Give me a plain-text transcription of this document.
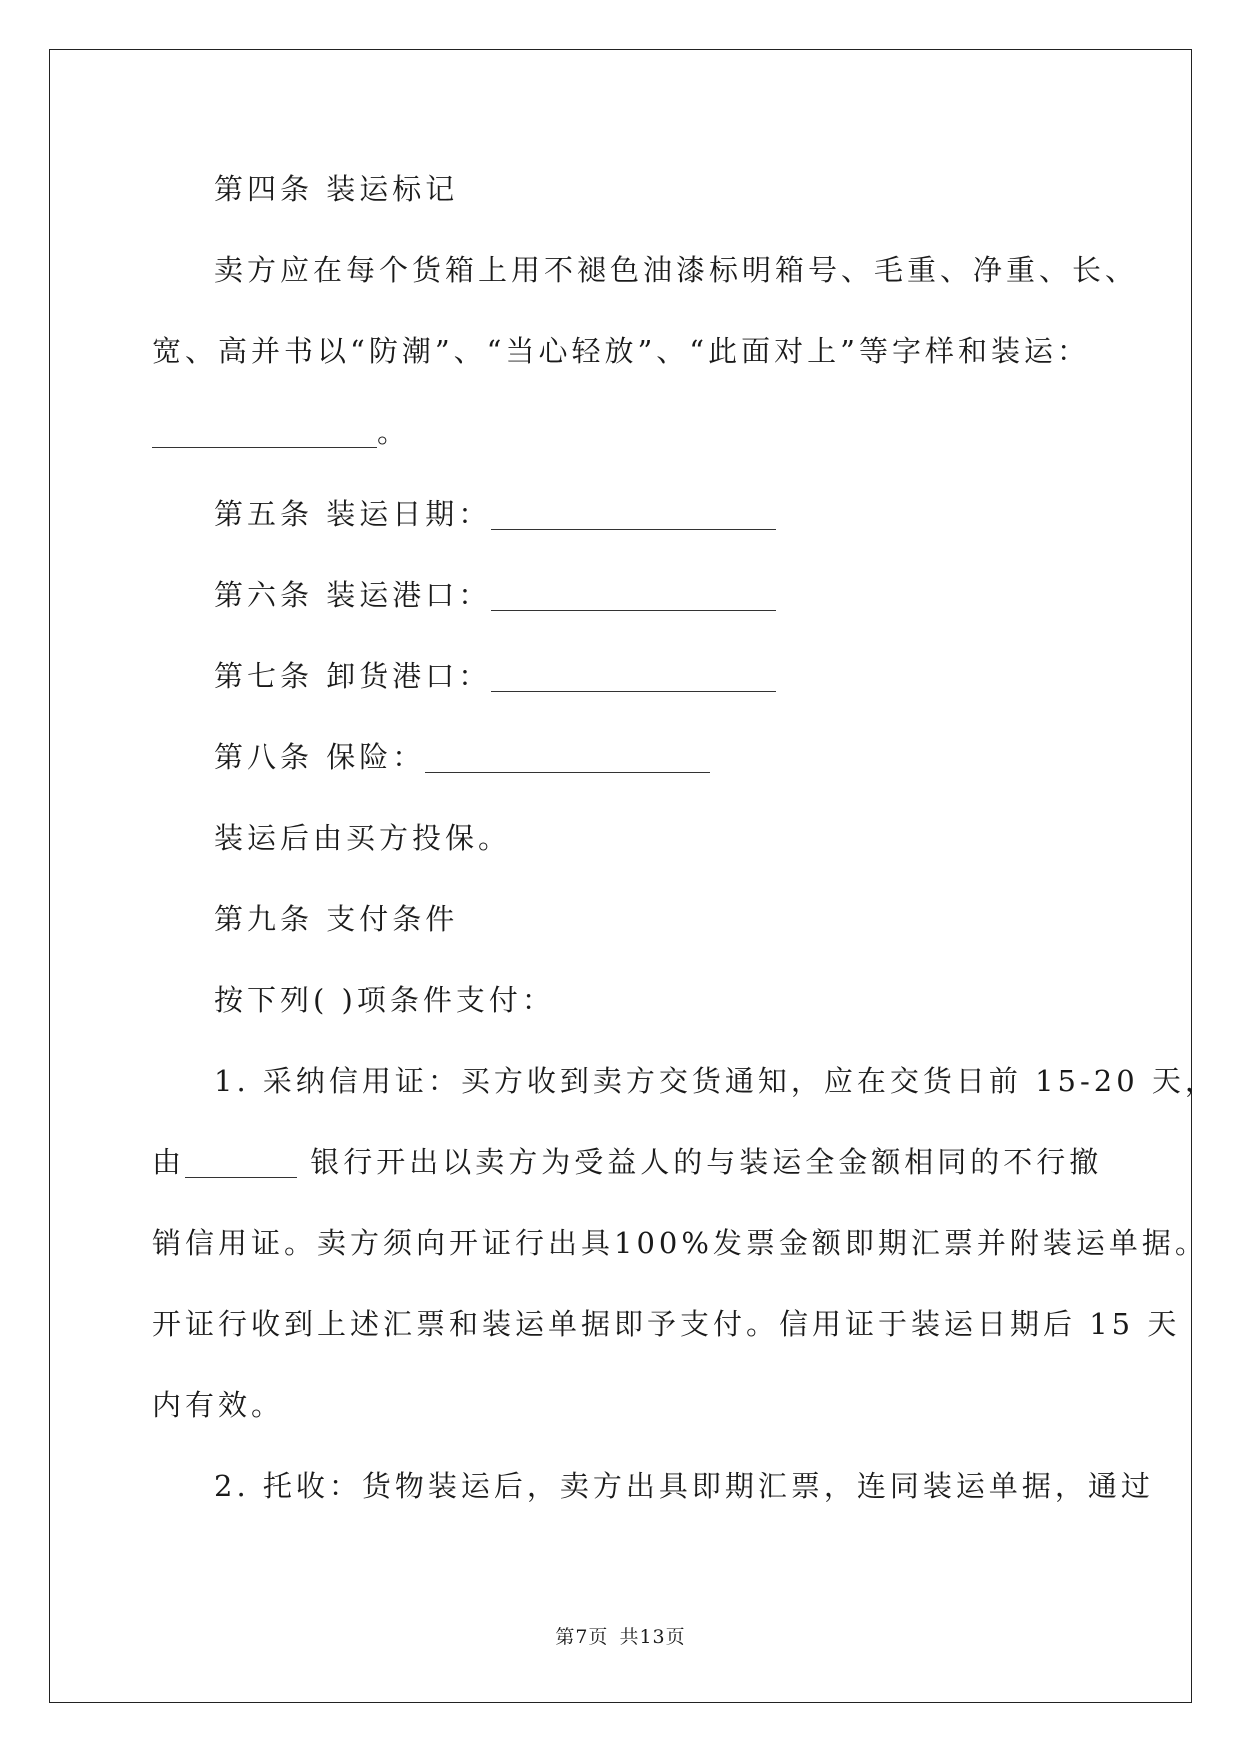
第四条 装运标记
卖方应在每个货箱上用不褪色油漆标明箱号、毛重、净重、长、
宽、高并书以“防潮”、“当心轻放”、“此面对上”等字样和装运：
。
第五条 装运日期：
第六条 装运港口：
第七条 卸货港口：
第八条 保险：
装运后由买方投保。
第九条 支付条件
按下列( )项条件支付：
1. 采纳信用证：买方收到卖方交货通知，应在交货日前 15-20 天，
由	银行开出以卖方为受益人的与装运全金额相同的不行撤
销信用证。卖方须向开证行出具100%发票金额即期汇票并附装运单据。
开证行收到上述汇票和装运单据即予支付。信用证于装运日期后 15 天
内有效。
2. 托收：货物装运后，卖方出具即期汇票，连同装运单据，通过
第7页 共13页
